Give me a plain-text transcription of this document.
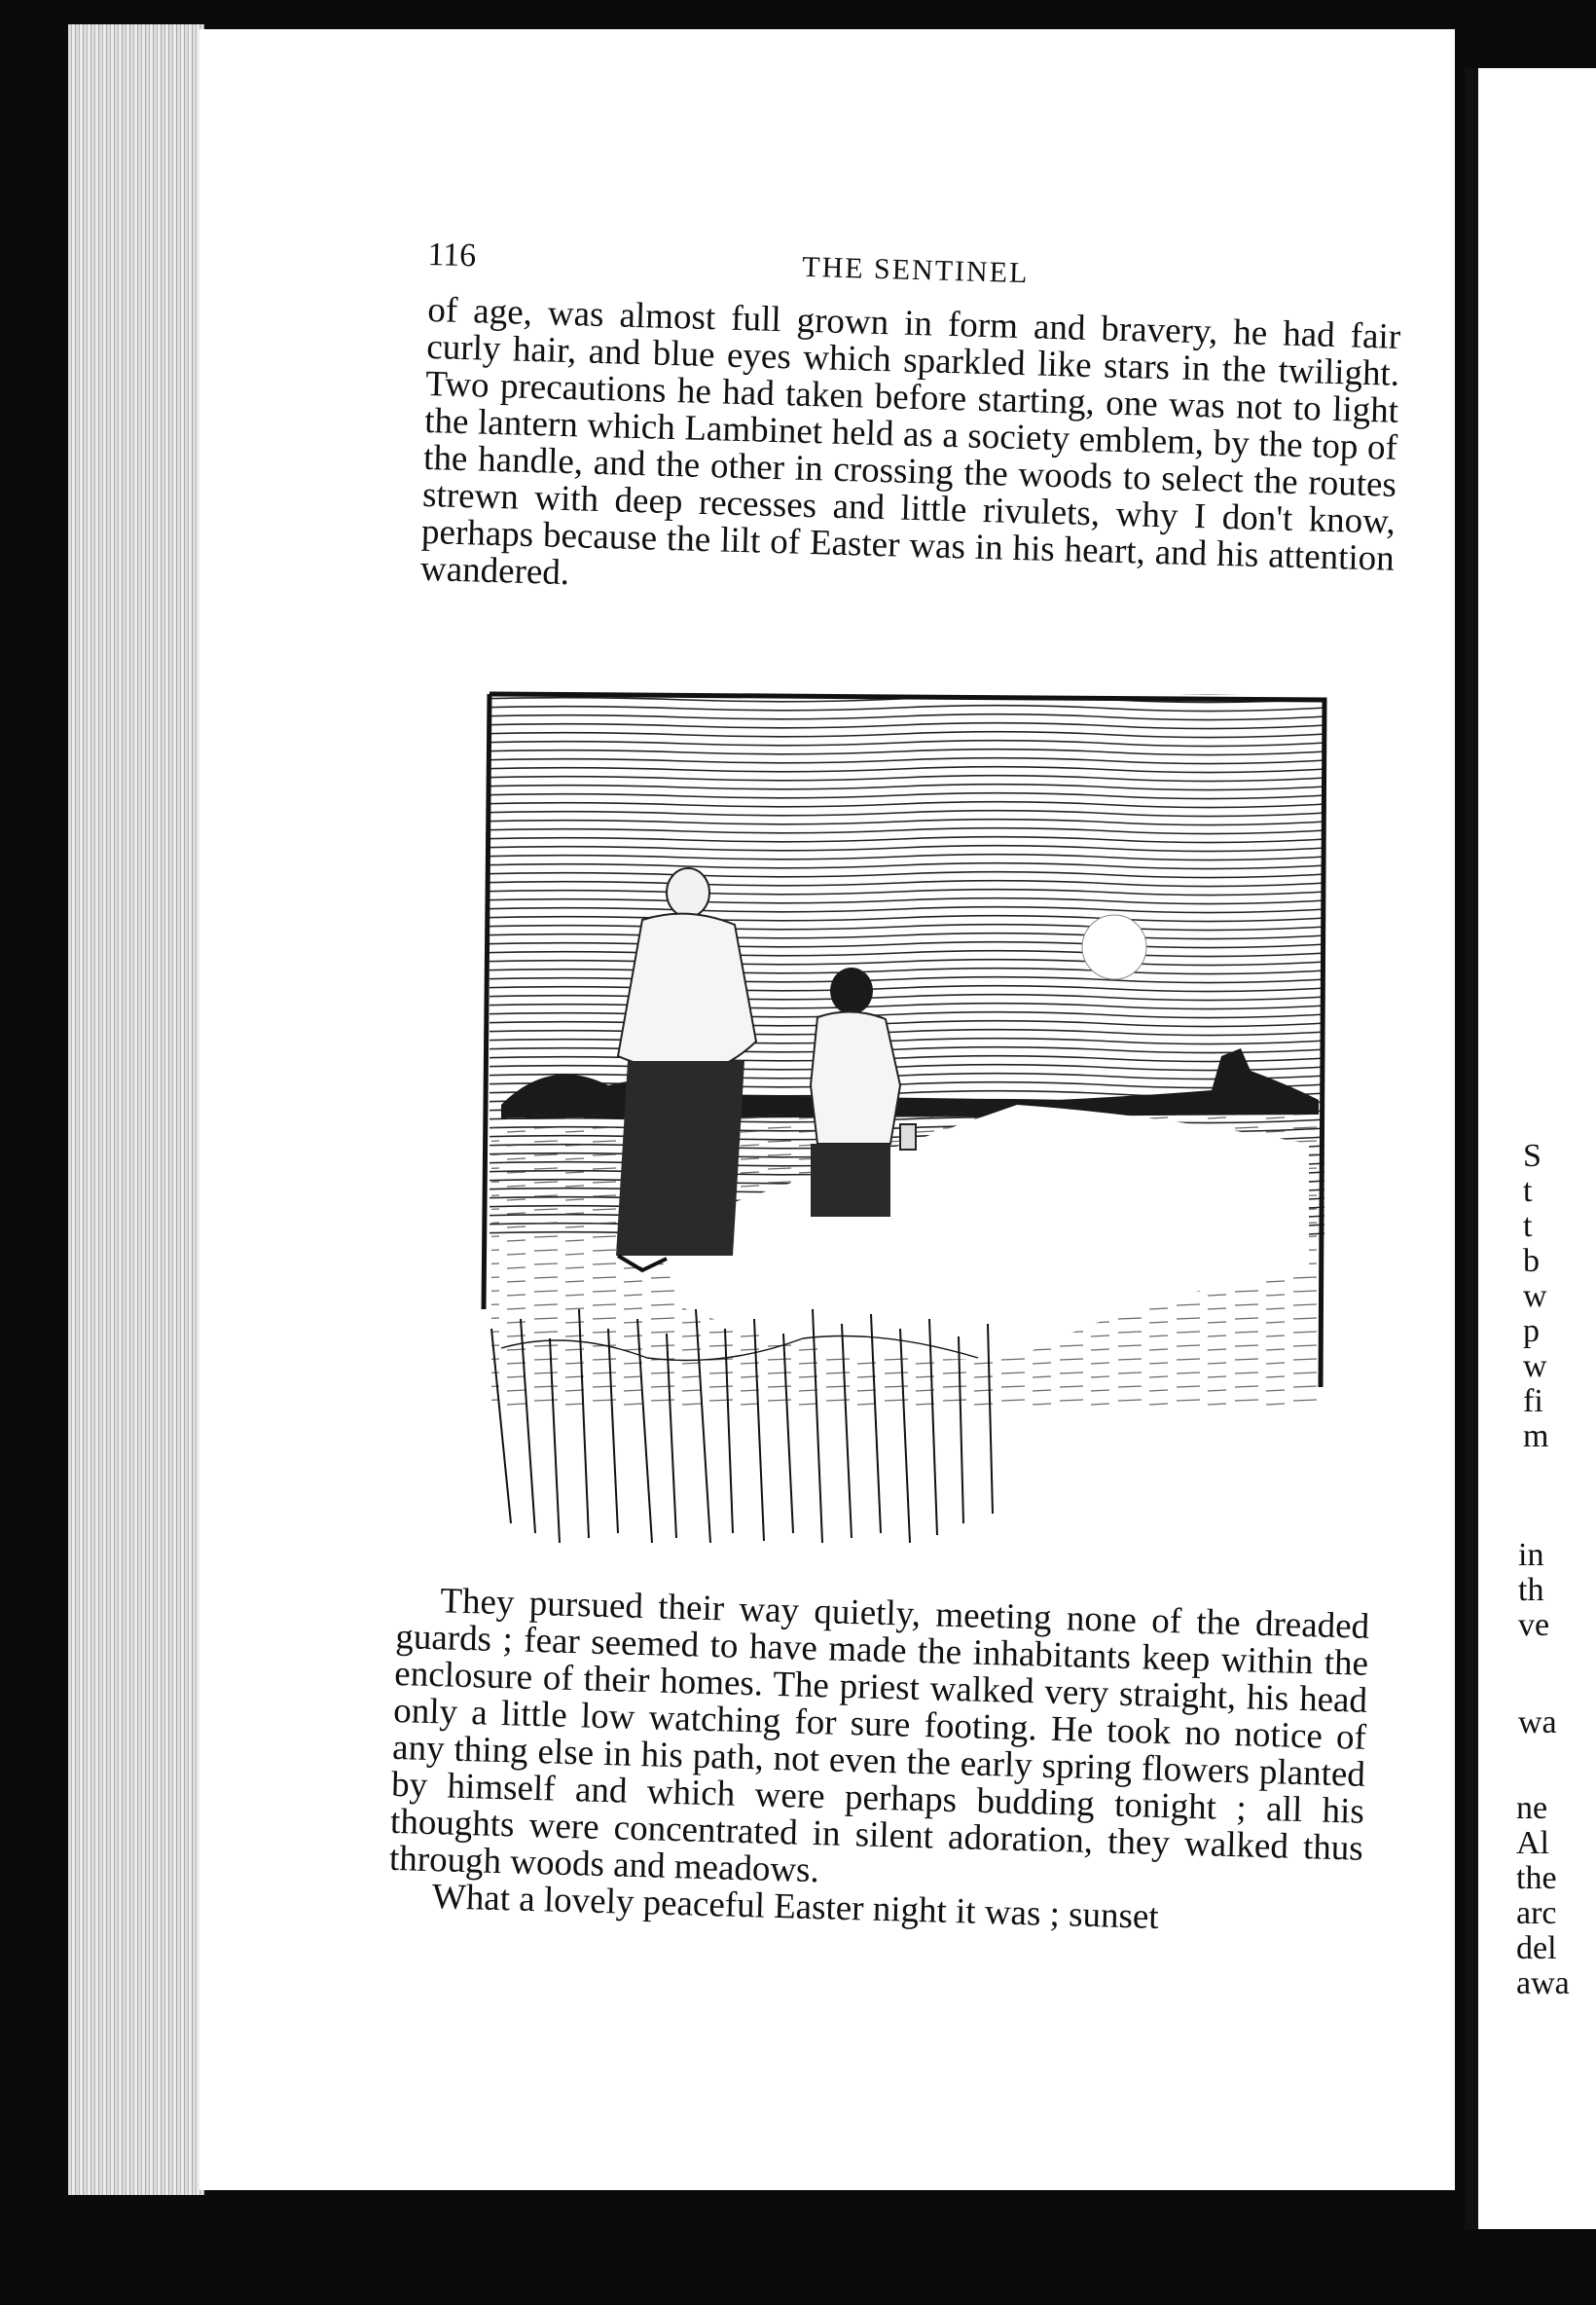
116	THE SENTINEL

of age, was almost full grown in form and bravery, he had fair curly hair, and blue eyes which sparkled like stars in the twilight. Two precautions he had taken before starting, one was not to light the lantern which Lambinet held as a society emblem, by the top of the handle, and the other in crossing the woods to select the routes strewn with deep recesses and little rivulets, why I don't know, perhaps because the lilt of Easter was in his heart, and his attention wandered.

They pursued their way quietly, meeting none of the dreaded guards ; fear seemed to have made the inhabitants keep within the enclosure of their homes. The priest walked very straight, his head only a little low watching for sure footing. He took no notice of any thing else in his path, not even the early spring flowers planted by himself and which were perhaps budding tonight ; all his thoughts were concentrated in silent adoration, they walked thus through woods and meadows.

What a lovely peaceful Easter night it was ; sunset

S
t
t
b
w
p
w
fi
m
in
th
ve
wa
ne
Al
the
arc
del
awa
